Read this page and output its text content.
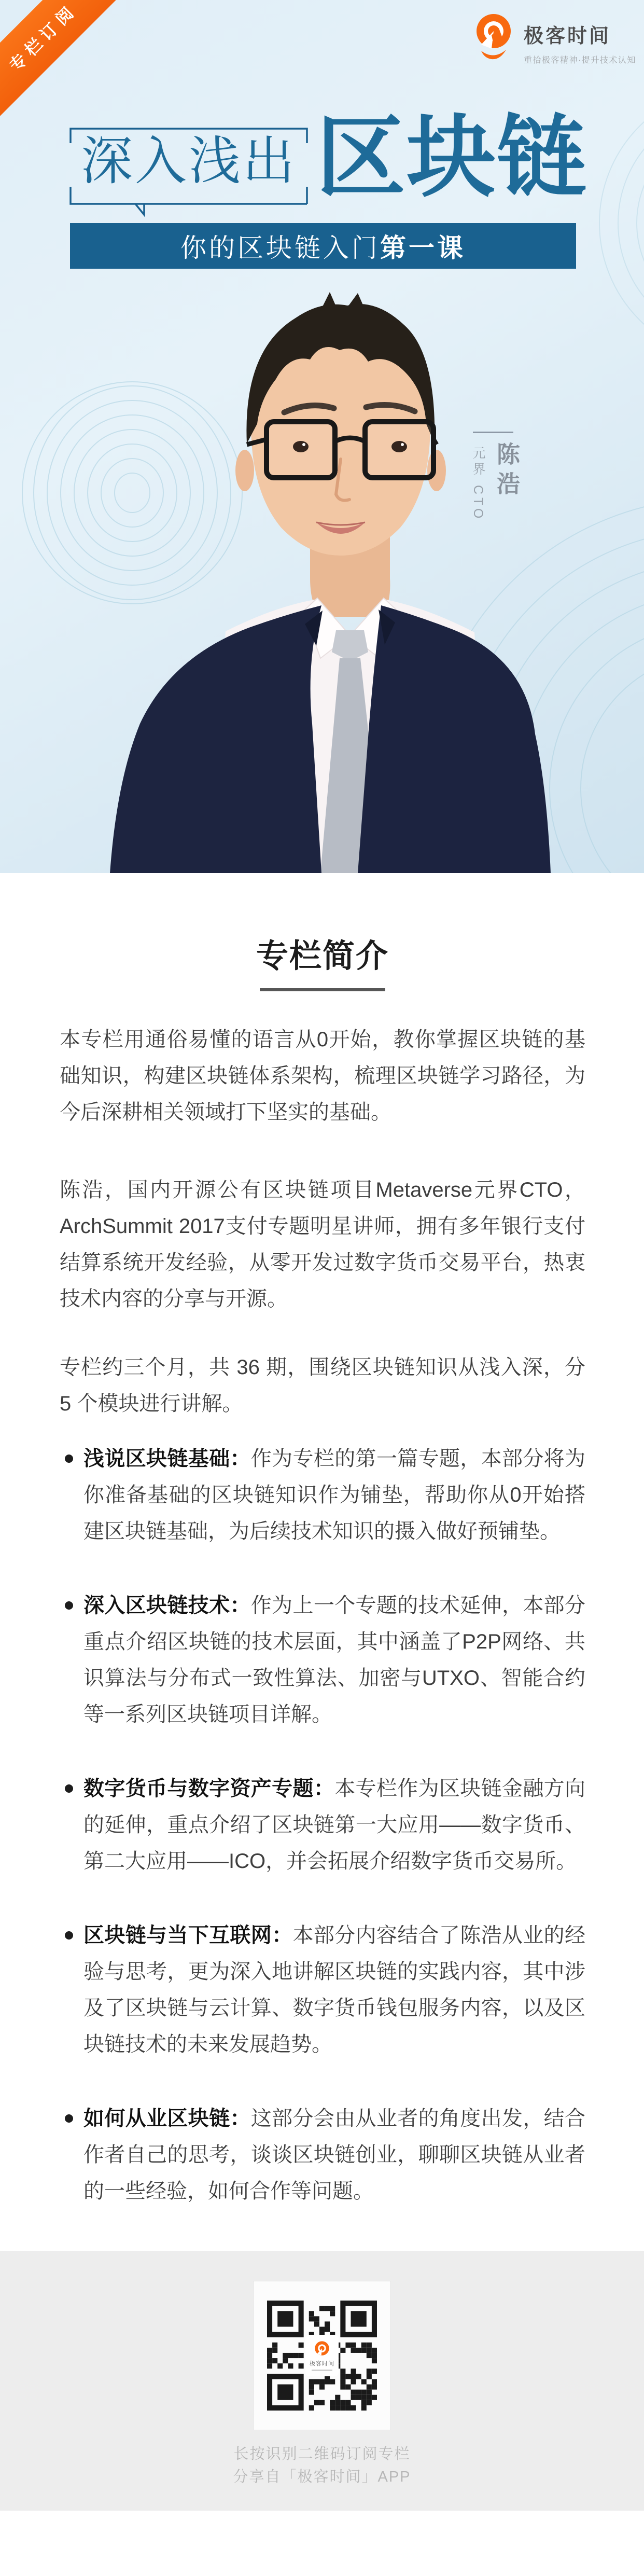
专栏订阅	极客时间
重拾极客精神·提升技术认知
深入浅出 区块链
你的区块链入门 第一课
陈浩
元界 CTO
专栏简介

本专栏用通俗易懂的语言从0开始，教你掌握区块链的基础知识，构建区块链体系架构，梳理区块链学习路径，为今后深耕相关领域打下坚实的基础。

陈浩，国内开源公有区块链项目Metaverse元界CTO， ArchSummit 2017支付专题明星讲师，拥有多年银行支付结算系统开发经验，从零开发过数字货币交易平台，热衷技术内容的分享与开源。

专栏约三个月，共 36 期，围绕区块链知识从浅入深，分 5 个模块进行讲解。

浅说区块链基础：作为专栏的第一篇专题，本部分将为你准备基础的区块链知识作为铺垫，帮助你从0开始搭建区块链基础，为后续技术知识的摄入做好预铺垫。
深入区块链技术：作为上一个专题的技术延伸，本部分重点介绍区块链的技术层面，其中涵盖了P2P网络、共识算法与分布式一致性算法、加密与UTXO、智能合约等一系列区块链项目详解。
数字货币与数字资产专题：本专栏作为区块链金融方向的延伸，重点介绍了区块链第一大应用——数字货币、第二大应用——ICO，并会拓展介绍数字货币交易所。
区块链与当下互联网：本部分内容结合了陈浩从业的经验与思考，更为深入地讲解区块链的实践内容，其中涉及了区块链与云计算、数字货币钱包服务内容，以及区块链技术的未来发展趋势。
如何从业区块链：这部分会由从业者的角度出发，结合作者自己的思考，谈谈区块链创业，聊聊区块链从业者的一些经验，如何合作等问题。
极客时间
长按识别二维码订阅专栏
分享自「极客时间」APP
